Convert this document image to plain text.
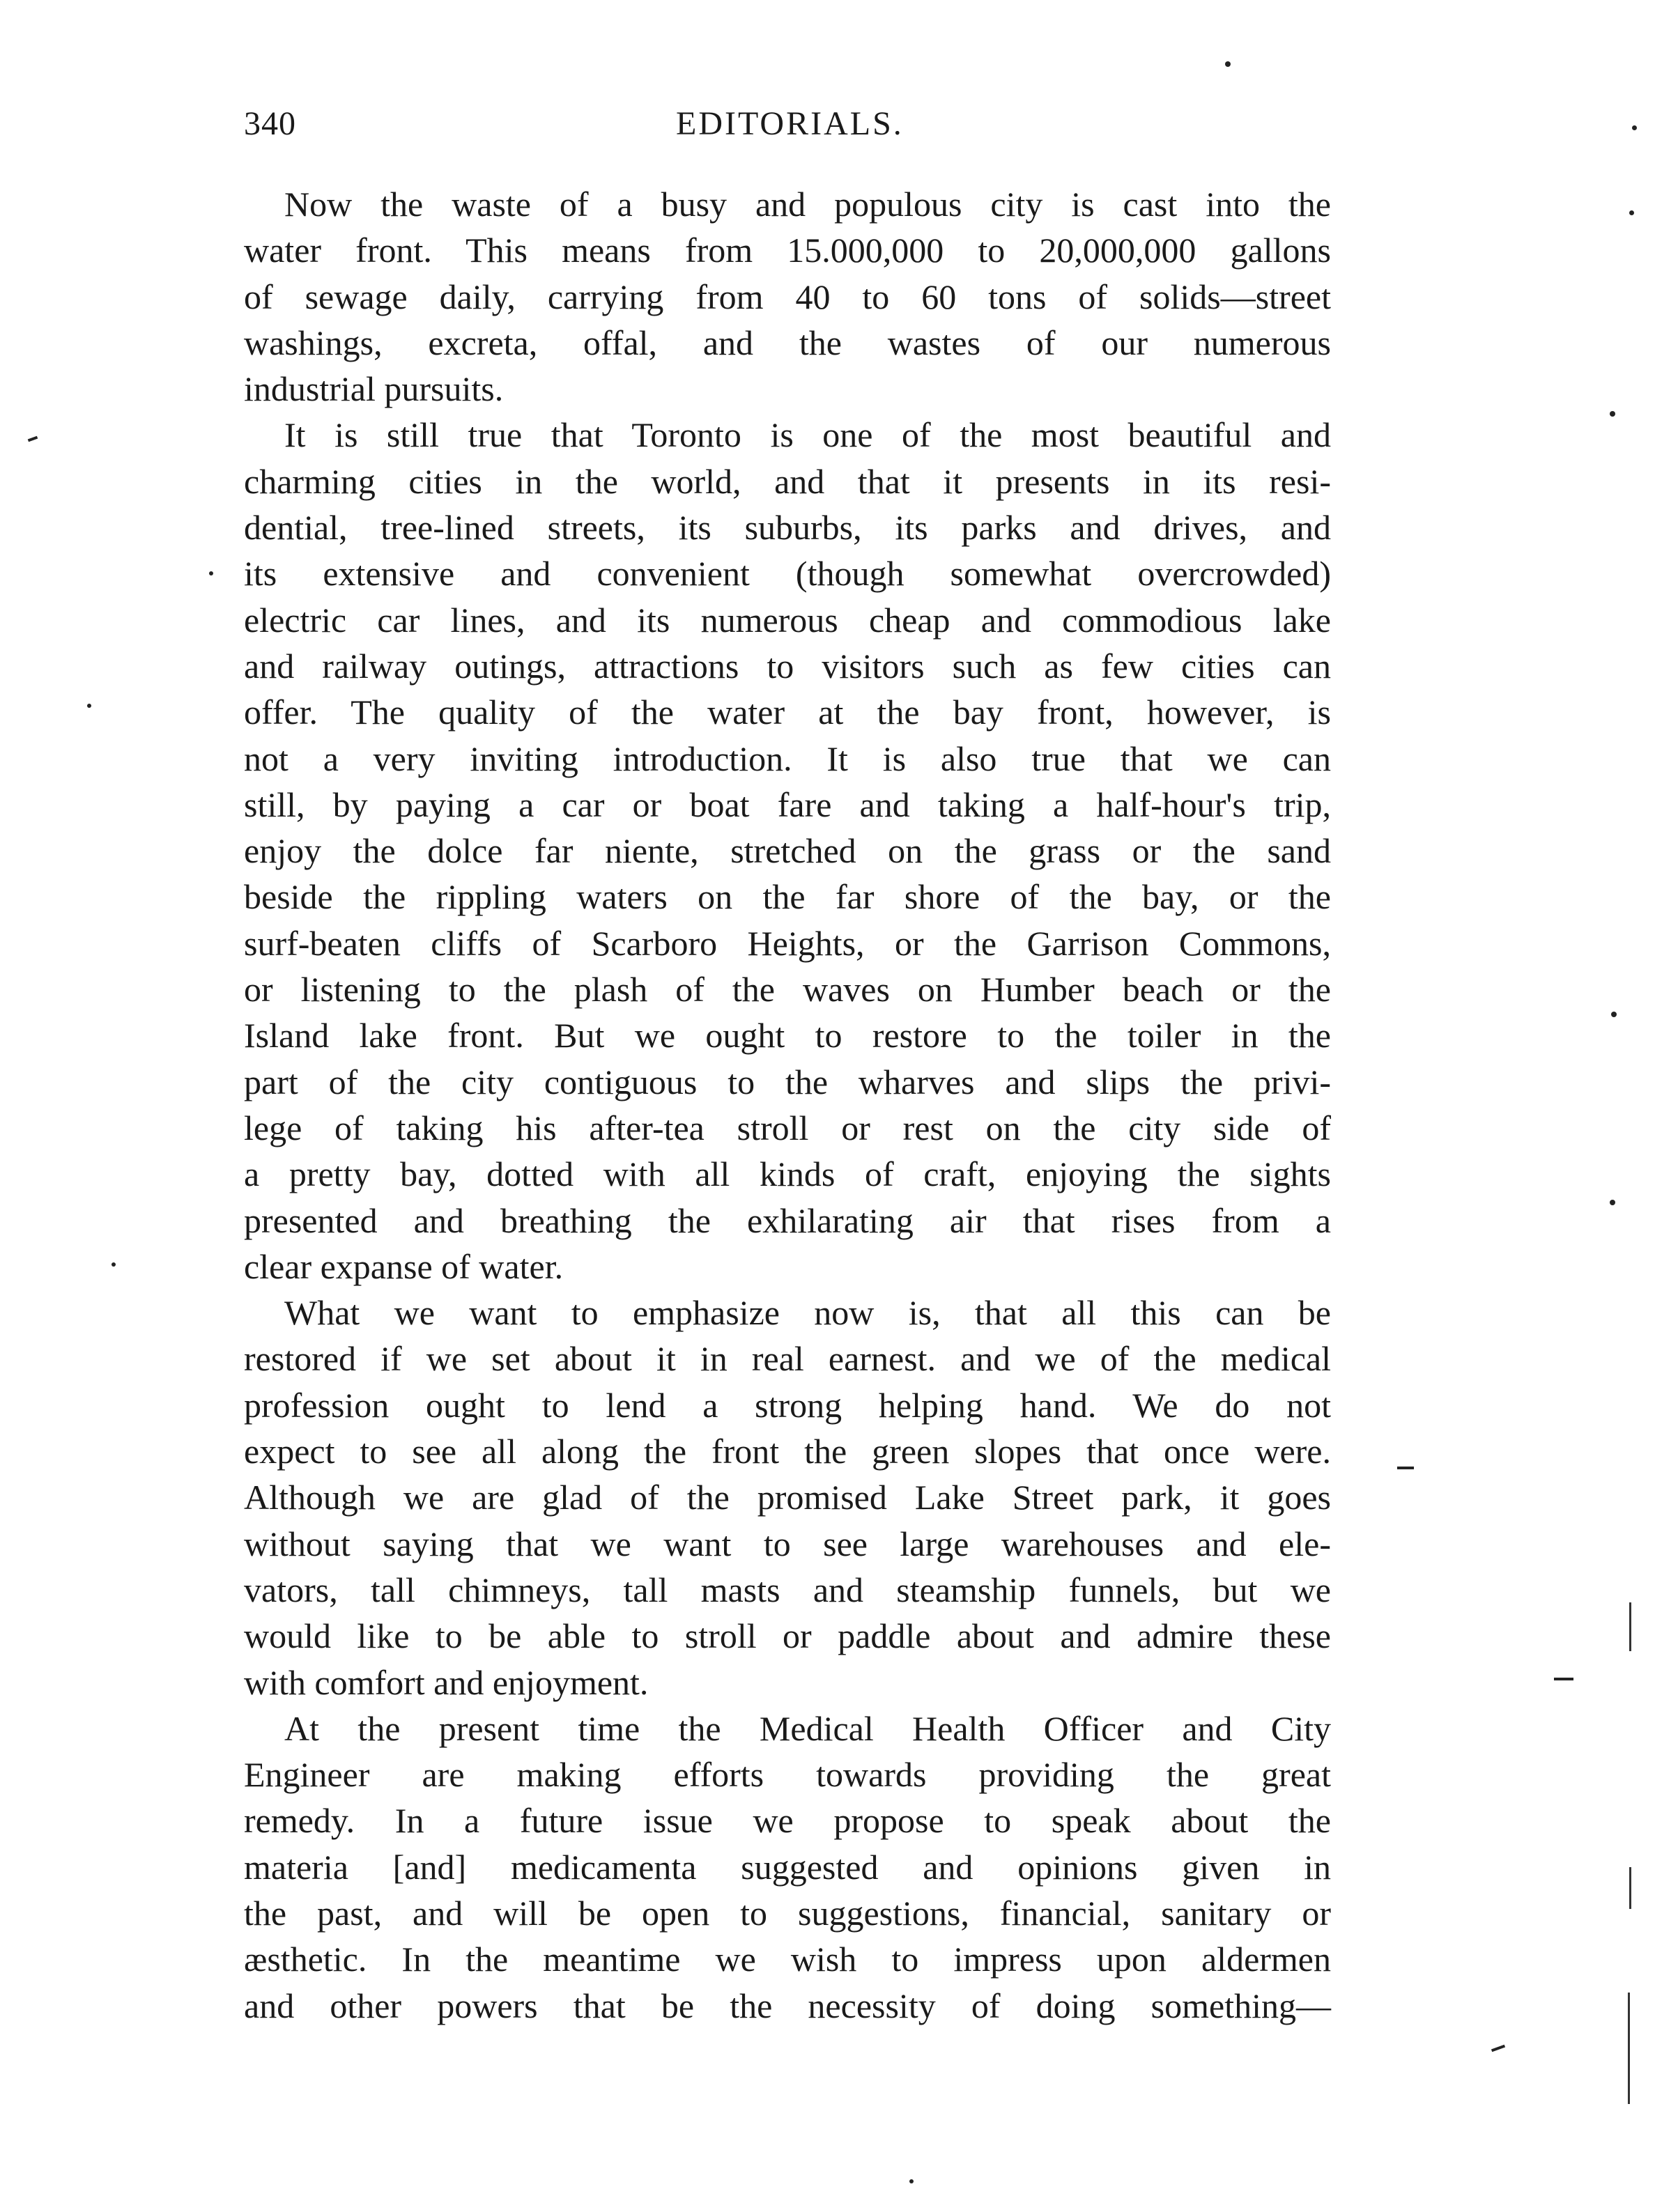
340	EDITORIALS.
Now the waste of a busy and populous city is cast into the
water front. This means from 15.000,000 to 20,000,000 gallons
of sewage daily, carrying from 40 to 60 tons of solids—street
washings, excreta, offal, and the wastes of our numerous
industrial pursuits.
It is still true that Toronto is one of the most beautiful and
charming cities in the world, and that it presents in its resi-
dential, tree-lined streets, its suburbs, its parks and drives, and
its extensive and convenient (though somewhat overcrowded)
electric car lines, and its numerous cheap and commodious lake
and railway outings, attractions to visitors such as few cities can
offer. The quality of the water at the bay front, however, is
not a very inviting introduction. It is also true that we can
still, by paying a car or boat fare and taking a half-hour's trip,
enjoy the dolce far niente, stretched on the grass or the sand
beside the rippling waters on the far shore of the bay, or the
surf-beaten cliffs of Scarboro Heights, or the Garrison Commons,
or listening to the plash of the waves on Humber beach or the
Island lake front. But we ought to restore to the toiler in the
part of the city contiguous to the wharves and slips the privi-
lege of taking his after-tea stroll or rest on the city side of
a pretty bay, dotted with all kinds of craft, enjoying the sights
presented and breathing the exhilarating air that rises from a
clear expanse of water.
What we want to emphasize now is, that all this can be
restored if we set about it in real earnest. and we of the medical
profession ought to lend a strong helping hand. We do not
expect to see all along the front the green slopes that once were.
Although we are glad of the promised Lake Street park, it goes
without saying that we want to see large warehouses and ele-
vators, tall chimneys, tall masts and steamship funnels, but we
would like to be able to stroll or paddle about and admire these
with comfort and enjoyment.
At the present time the Medical Health Officer and City
Engineer are making efforts towards providing the great
remedy. In a future issue we propose to speak about the
materia [and] medicamenta suggested and opinions given in
the past, and will be open to suggestions, financial, sanitary or
æsthetic. In the meantime we wish to impress upon aldermen
and other powers that be the necessity of doing something—
